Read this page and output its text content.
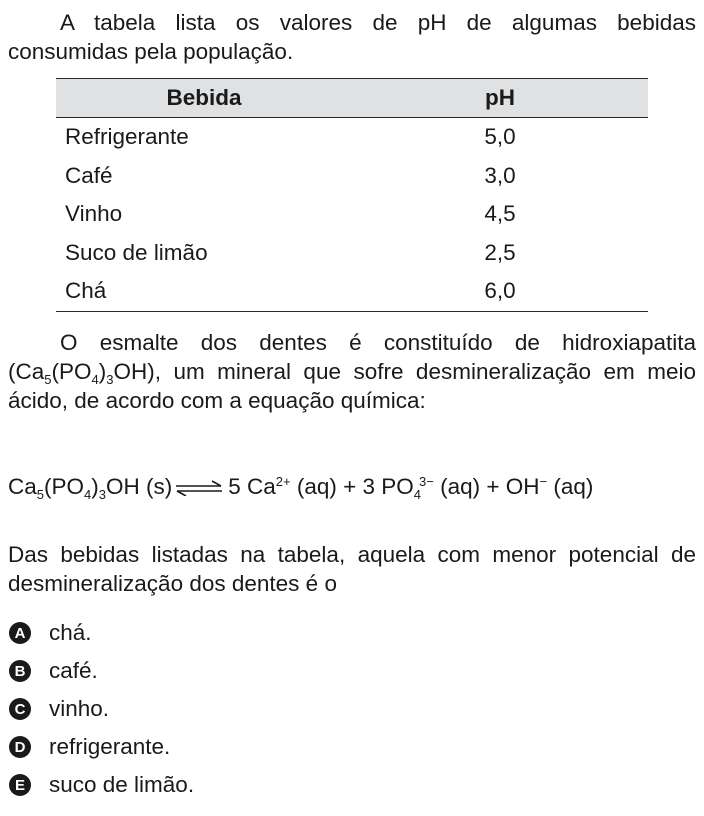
A tabela lista os valores de pH de algumas bebidas consumidas pela população.

Bebida	pH
Refrigerante	5,0
Café	3,0
Vinho	4,5
Suco de limão	2,5
Chá	6,0

O esmalte dos dentes é constituído de hidroxiapatita $(Ca_5(PO_4)_3OH)$, um mineral que sofre desmineralização em meio ácido, de acordo com a equação química:

$Ca_5(PO_4)_3OH$ (s) ⇌ 5 $Ca^{2+}$ (aq) + 3 $PO_4^{3-}$ (aq) + OH− (aq)

Das bebidas listadas na tabela, aquela com menor potencial de desmineralização dos dentes é o

A chá.
B café.
C vinho.
D refrigerante.
E suco de limão.
